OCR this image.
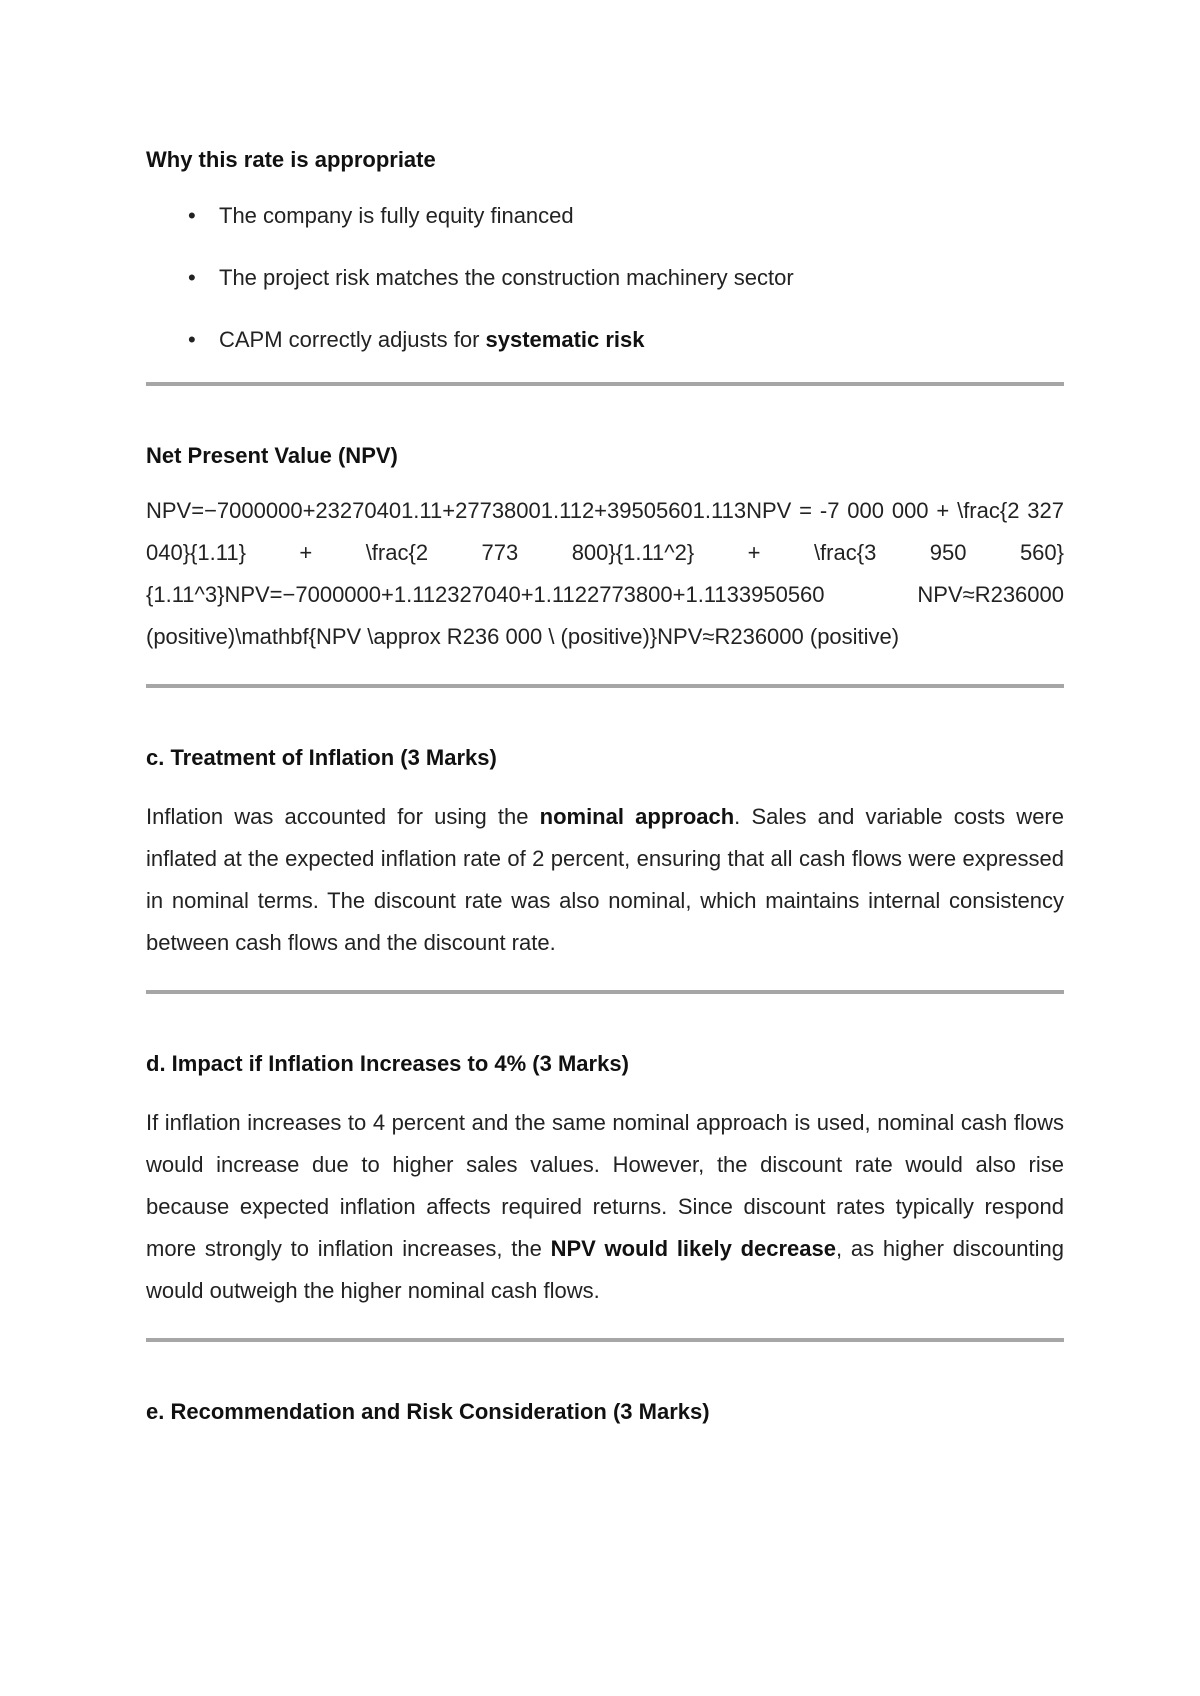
Why this rate is appropriate
• The company is fully equity financed
• The project risk matches the construction machinery sector
• CAPM correctly adjusts for systematic risk
Net Present Value (NPV)

NPV=−7000000+23270401.11+27738001.112+39505601.113NPV = -7 000 000 + \frac{2 327 040}{1.11} + \frac{2 773 800}{1.11^2} + \frac{3 950 560}{1.11^3}NPV=−7000000+1.112327040+1.1122773800+1.1133950560	NPV≈R236000 (positive)\mathbf{NPV \approx R236 000 \ (positive)}NPV≈R236000 (positive)

c. Treatment of Inflation (3 Marks)

Inflation was accounted for using the nominal approach. Sales and variable costs were inflated at the expected inflation rate of 2 percent, ensuring that all cash flows were expressed in nominal terms. The discount rate was also nominal, which maintains internal consistency between cash flows and the discount rate.

d. Impact if Inflation Increases to 4% (3 Marks)

If inflation increases to 4 percent and the same nominal approach is used, nominal cash flows would increase due to higher sales values. However, the discount rate would also rise because expected inflation affects required returns. Since discount rates typically respond more strongly to inflation increases, the NPV would likely decrease, as higher discounting would outweigh the higher nominal cash flows.

e. Recommendation and Risk Consideration (3 Marks)
